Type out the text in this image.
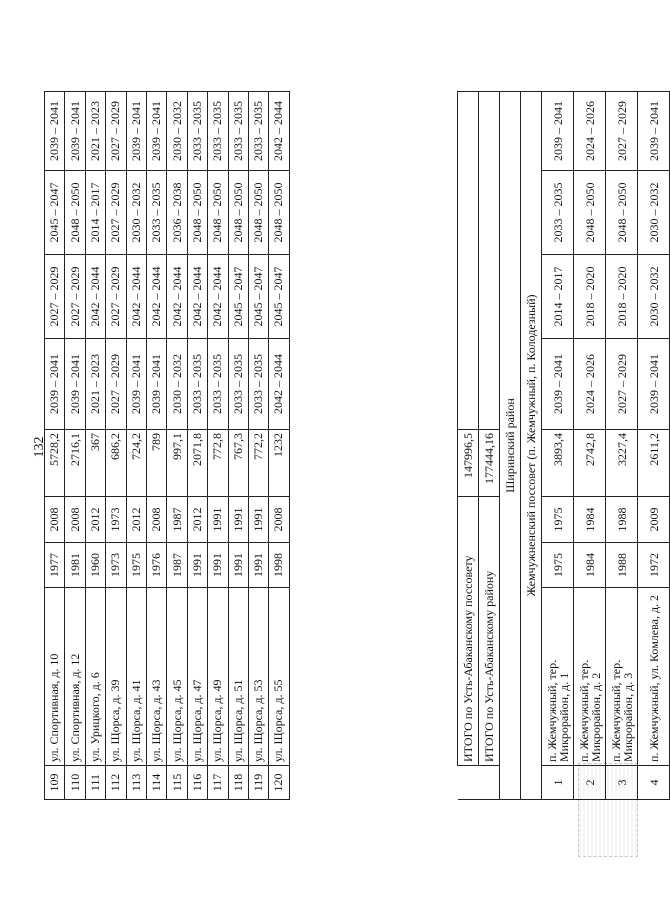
132
109	ул. Спортивная, д. 10	1977	2008	5728,2	2039 – 2041	2027 – 2029	2045 – 2047	2039 – 2041
110	ул. Спортивная, д. 12	1981	2008	2716,1	2039 – 2041	2027 – 2029	2048 – 2050	2039 – 2041
111	ул. Урицкого, д. 6	1960	2012	367	2021 – 2023	2042 – 2044	2014 – 2017	2021 – 2023
112	ул. Щорса, д. 39	1973	1973	686,2	2027 – 2029	2027 – 2029	2027 – 2029	2027 – 2029
113	ул. Щорса, д. 41	1975	2012	724,2	2039 – 2041	2042 – 2044	2030 – 2032	2039 – 2041
114	ул. Щорса, д. 43	1976	2008	789	2039 – 2041	2042 – 2044	2033 – 2035	2039 – 2041
115	ул. Щорса, д. 45	1987	1987	997,1	2030 – 2032	2042 – 2044	2036 – 2038	2030 – 2032
116	ул. Щорса, д. 47	1991	2012	2071,8	2033 – 2035	2042 – 2044	2048 – 2050	2033 – 2035
117	ул. Щорса, д. 49	1991	1991	772,8	2033 – 2035	2042 – 2044	2048 – 2050	2033 – 2035
118	ул. Щорса, д. 51	1991	1991	767,3	2033 – 2035	2045 – 2047	2048 – 2050	2033 – 2035
119	ул. Щорса, д. 53	1991	1991	772,2	2033 – 2035	2045 – 2047	2048 – 2050	2033 – 2035
120	ул. Щорса, д. 55	1998	2008	1232	2042 – 2044	2045 – 2047	2048 – 2050	2042 – 2044
	ИТОГО по Усть-Абаканскому поссовету			147996,5				
	ИТОГО по Усть-Абаканскому району			177444,16				
Ширинский район								
Жемчужненский поссовет (п. Жемчужный, п. Колодезный)								
1	п. Жемчужный, тер. Микрорайон, д. 1	1975	1975	3893,4	2039 – 2041	2014 – 2017	2033 – 2035	2039 – 2041
2	п. Жемчужный, тер. Микрорайон, д. 2	1984	1984	2742,8	2024 – 2026	2018 – 2020	2048 – 2050	2024 – 2026
3	п. Жемчужный, тер. Микрорайон, д. 3	1988	1988	3227,4	2027 – 2029	2018 – 2020	2048 – 2050	2027 – 2029
4	п. Жемчужный, ул. Комлева, д. 2	1972	2009	2611,2	2039 – 2041	2030 – 2032	2030 – 2032	2039 – 2041
